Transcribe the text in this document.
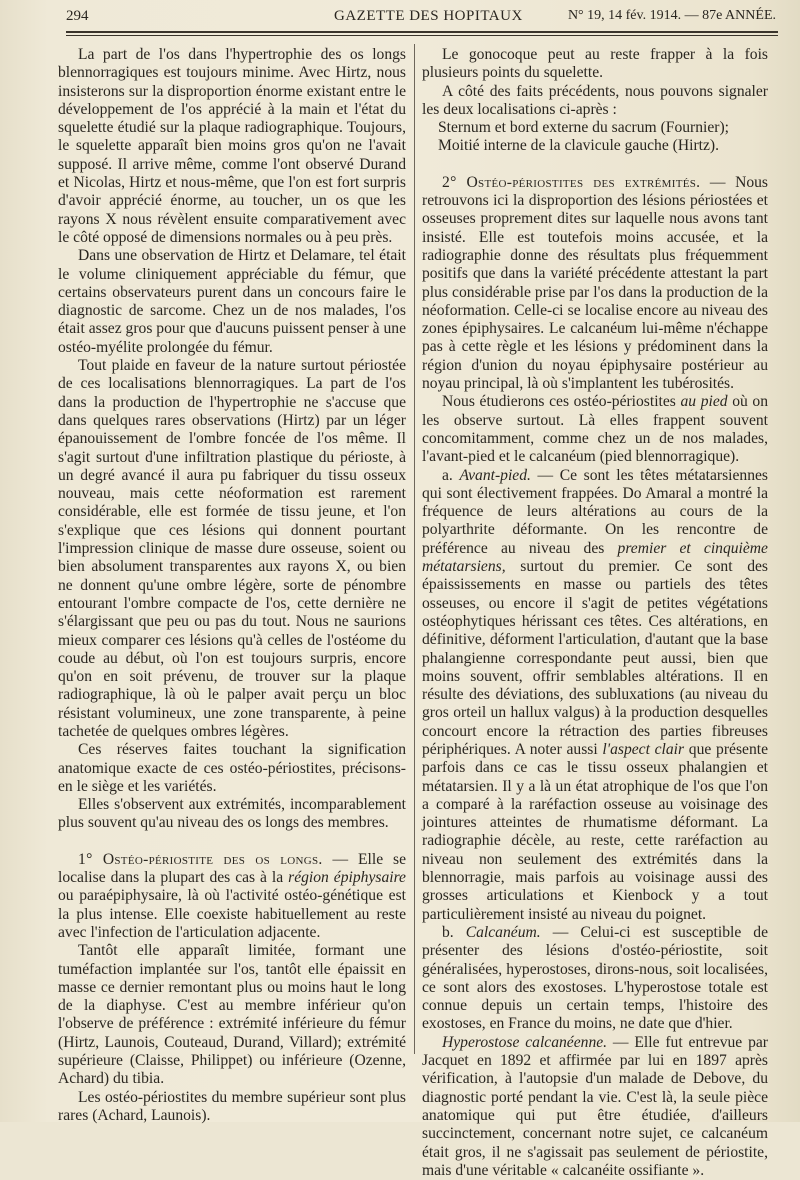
294	GAZETTE DES HOPITAUX	N° 19, 14 fév. 1914. — 87e ANNÉE.

La part de l'os dans l'hypertrophie des os longs blennorragiques est toujours minime. Avec Hirtz, nous insisterons sur la disproportion énorme existant entre le développement de l'os apprécié à la main et l'état du squelette étudié sur la plaque radiographique. Toujours, le squelette apparaît bien moins gros qu'on ne l'avait supposé. Il arrive même, comme l'ont observé Durand et Nicolas, Hirtz et nous-même, que l'on est fort surpris d'avoir apprécié énorme, au toucher, un os que les rayons X nous révèlent ensuite comparativement avec le côté opposé de dimensions normales ou à peu près.

Dans une observation de Hirtz et Delamare, tel était le volume cliniquement appréciable du fémur, que certains observateurs purent dans un concours faire le diagnostic de sarcome. Chez un de nos malades, l'os était assez gros pour que d'aucuns puissent penser à une ostéo-myélite prolongée du fémur.

Tout plaide en faveur de la nature surtout périostée de ces localisations blennorragiques. La part de l'os dans la production de l'hypertrophie ne s'accuse que dans quelques rares observations (Hirtz) par un léger épanouissement de l'ombre foncée de l'os même. Il s'agit surtout d'une infiltration plastique du périoste, à un degré avancé il aura pu fabriquer du tissu osseux nouveau, mais cette néoformation est rarement considérable, elle est formée de tissu jeune, et l'on s'explique que ces lésions qui donnent pourtant l'impression clinique de masse dure osseuse, soient ou bien absolument transparentes aux rayons X, ou bien ne donnent qu'une ombre légère, sorte de pénombre entourant l'ombre compacte de l'os, cette dernière ne s'élargissant que peu ou pas du tout. Nous ne saurions mieux comparer ces lésions qu'à celles de l'ostéome du coude au début, où l'on est toujours surpris, encore qu'on en soit prévenu, de trouver sur la plaque radiographique, là où le palper avait perçu un bloc résistant volumineux, une zone transparente, à peine tachetée de quelques ombres légères.

Ces réserves faites touchant la signification anatomique exacte de ces ostéo-périostites, précisons-en le siège et les variétés.

Elles s'observent aux extrémités, incomparablement plus souvent qu'au niveau des os longs des membres.

1° Ostéo-périostite des os longs. — Elle se localise dans la plupart des cas à la région épiphysaire ou paraépiphysaire, là où l'activité ostéo-génétique est la plus intense. Elle coexiste habituellement au reste avec l'infection de l'articulation adjacente.

Tantôt elle apparaît limitée, formant une tuméfaction implantée sur l'os, tantôt elle épaissit en masse ce dernier remontant plus ou moins haut le long de la diaphyse. C'est au membre inférieur qu'on l'observe de préférence : extrémité inférieure du fémur (Hirtz, Launois, Couteaud, Durand, Villard); extrémité supérieure (Claisse, Philippet) ou inférieure (Ozenne, Achard) du tibia.

Les ostéo-périostites du membre supérieur sont plus rares (Achard, Launois).

Le gonocoque peut au reste frapper à la fois plusieurs points du squelette.

A côté des faits précédents, nous pouvons signaler les deux localisations ci-après :

Sternum et bord externe du sacrum (Fournier);
Moitié interne de la clavicule gauche (Hirtz).

2° Ostéo-périostites des extrémités. — Nous retrouvons ici la disproportion des lésions périostées et osseuses proprement dites sur laquelle nous avons tant insisté. Elle est toutefois moins accusée, et la radiographie donne des résultats plus fréquemment positifs que dans la variété précédente attestant la part plus considérable prise par l'os dans la production de la néoformation. Celle-ci se localise encore au niveau des zones épiphysaires. Le calcanéum lui-même n'échappe pas à cette règle et les lésions y prédominent dans la région d'union du noyau épiphysaire postérieur au noyau principal, là où s'implantent les tubérosités.

Nous étudierons ces ostéo-périostites au pied où on les observe surtout. Là elles frappent souvent concomitamment, comme chez un de nos malades, l'avant-pied et le calcanéum (pied blennorragique).

a. Avant-pied. — Ce sont les têtes métatarsiennes qui sont électivement frappées. Do Amaral a montré la fréquence de leurs altérations au cours de la polyarthrite déformante. On les rencontre de préférence au niveau des premier et cinquième métatarsiens, surtout du premier. Ce sont des épaississements en masse ou partiels des têtes osseuses, ou encore il s'agit de petites végétations ostéophytiques hérissant ces têtes. Ces altérations, en définitive, déforment l'articulation, d'autant que la base phalangienne correspondante peut aussi, bien que moins souvent, offrir semblables altérations. Il en résulte des déviations, des subluxations (au niveau du gros orteil un hallux valgus) à la production desquelles concourt encore la rétraction des parties fibreuses périphériques. A noter aussi l'aspect clair que présente parfois dans ce cas le tissu osseux phalangien et métatarsien. Il y a là un état atrophique de l'os que l'on a comparé à la raréfaction osseuse au voisinage des jointures atteintes de rhumatisme déformant. La radiographie décèle, au reste, cette raréfaction au niveau non seulement des extrémités dans la blennorragie, mais parfois au voisinage aussi des grosses articulations et Kienbock y a tout particulièrement insisté au niveau du poignet.

b. Calcanéum. — Celui-ci est susceptible de présenter des lésions d'ostéo-périostite, soit généralisées, hyperostoses, dirons-nous, soit localisées, ce sont alors des exostoses. L'hyperostose totale est connue depuis un certain temps, l'histoire des exostoses, en France du moins, ne date que d'hier.

Hyperostose calcanéenne. — Elle fut entrevue par Jacquet en 1892 et affirmée par lui en 1897 après vérification, à l'autopsie d'un malade de Debove, du diagnostic porté pendant la vie. C'est là, la seule pièce anatomique qui put être étudiée, d'ailleurs succinctement, concernant notre sujet, ce calcanéum était gros, il ne s'agissait pas seulement de périostite, mais d'une véritable « calcanéite ossifiante ».
